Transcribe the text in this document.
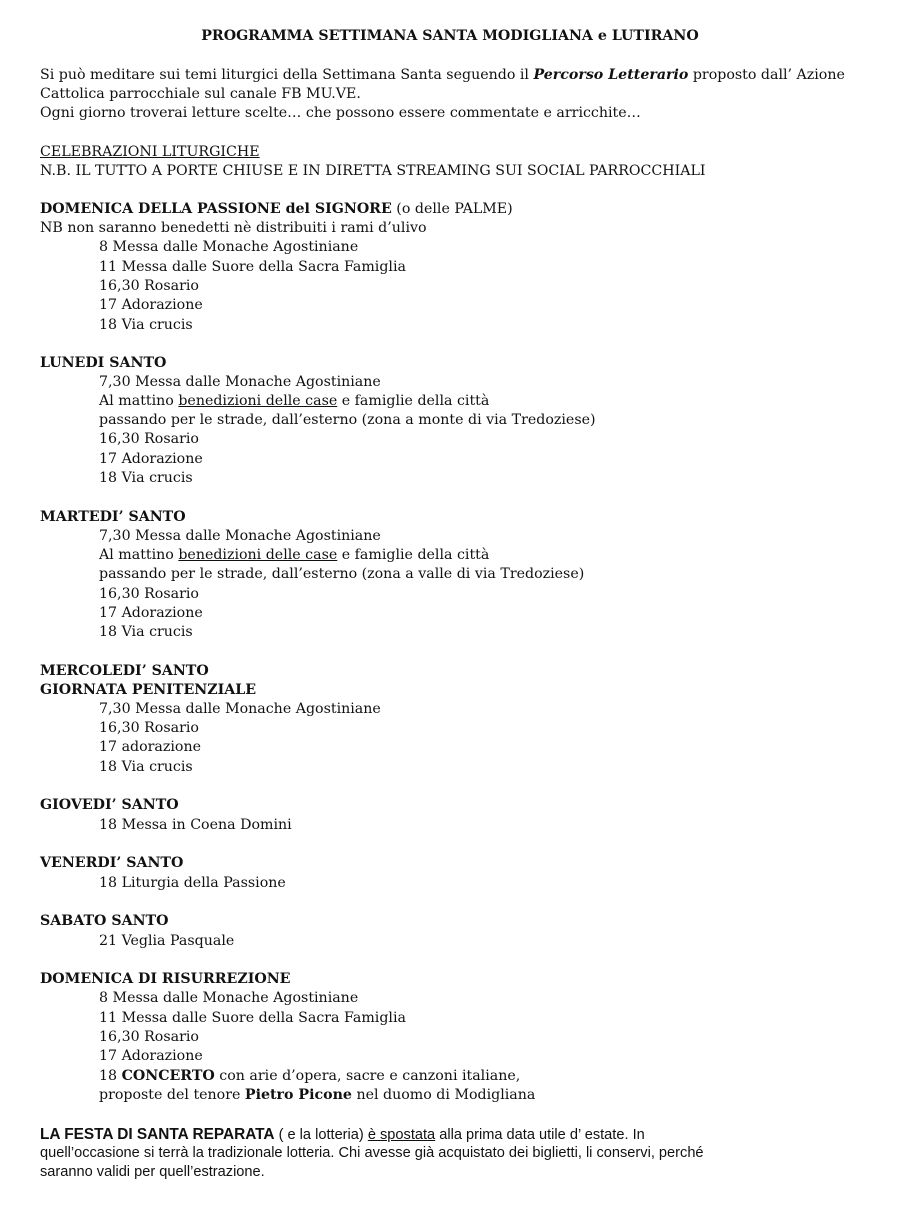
PROGRAMMA SETTIMANA SANTA MODIGLIANA e LUTIRANO
Si può meditare sui temi liturgici della Settimana Santa seguendo il Percorso Letterario proposto dall’ Azione
Cattolica parrocchiale sul canale FB MU.VE.
Ogni giorno troverai letture scelte… che possono essere commentate e arricchite…
CELEBRAZIONI LITURGICHE
N.B. IL TUTTO A PORTE CHIUSE E IN DIRETTA STREAMING SUI SOCIAL PARROCCHIALI
DOMENICA DELLA PASSIONE del SIGNORE (o delle PALME)
NB non saranno benedetti nè distribuiti i rami d’ulivo
8 Messa dalle Monache Agostiniane
11 Messa dalle Suore della Sacra Famiglia
16,30 Rosario
17 Adorazione
18 Via crucis
LUNEDI SANTO
7,30 Messa dalle Monache Agostiniane
Al mattino benedizioni delle case e famiglie della città
passando per le strade, dall’esterno (zona a monte di via Tredoziese)
16,30 Rosario
17 Adorazione
18 Via crucis
MARTEDI’ SANTO
7,30 Messa dalle Monache Agostiniane
Al mattino benedizioni delle case e famiglie della città
passando per le strade, dall’esterno (zona a valle di via Tredoziese)
16,30 Rosario
17 Adorazione
18 Via crucis
MERCOLEDI’ SANTO
GIORNATA PENITENZIALE
7,30 Messa dalle Monache Agostiniane
16,30 Rosario
17 adorazione
18 Via crucis
GIOVEDI’ SANTO
18 Messa in Coena Domini
VENERDI’ SANTO
18 Liturgia della Passione
SABATO SANTO
21 Veglia Pasquale
DOMENICA DI RISURREZIONE
8 Messa dalle Monache Agostiniane
11 Messa dalle Suore della Sacra Famiglia
16,30 Rosario
17 Adorazione
18 CONCERTO con arie d’opera, sacre e canzoni italiane,
proposte del tenore Pietro Picone nel duomo di Modigliana
LA FESTA DI SANTA REPARATA ( e la lotteria) è spostata alla prima data utile d’ estate. In
quell’occasione si terrà la tradizionale lotteria. Chi avesse già acquistato dei biglietti, li conservi, perché
saranno validi per quell’estrazione.
